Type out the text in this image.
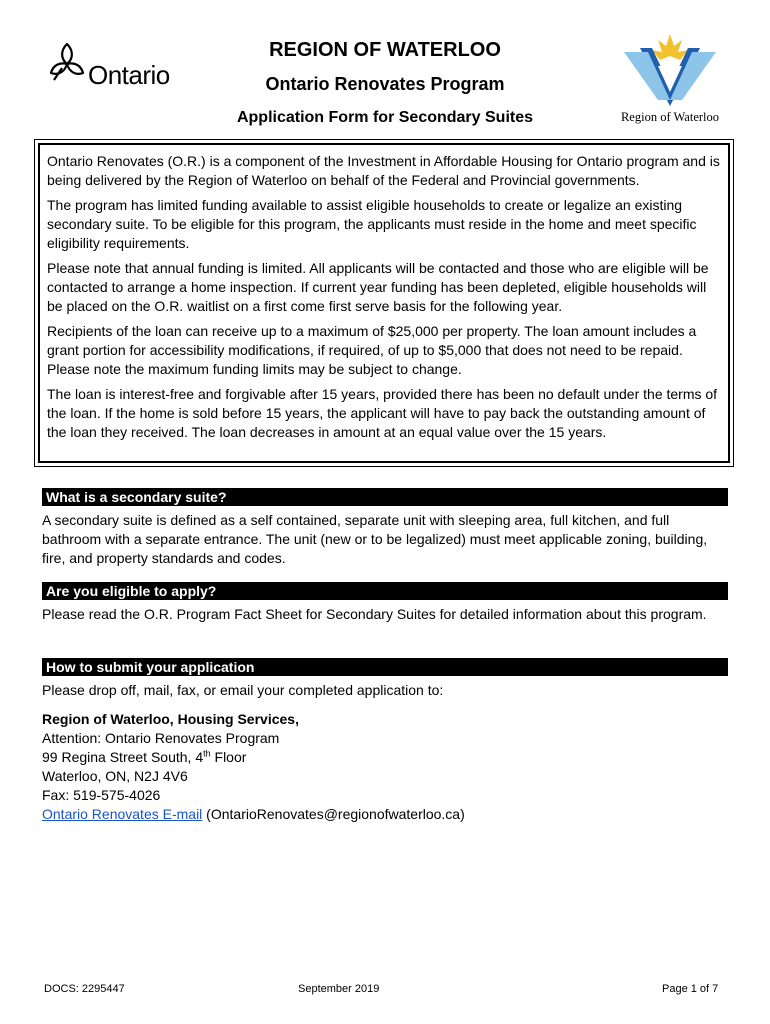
Ontario
REGION OF WATERLOO
Ontario Renovates Program
Application Form for Secondary Suites	Region of Waterloo

Ontario Renovates (O.R.) is a component of the Investment in Affordable Housing for Ontario program and is being delivered by the Region of Waterloo on behalf of the Federal and Provincial governments.

The program has limited funding available to assist eligible households to create or legalize an existing secondary suite. To be eligible for this program, the applicants must reside in the home and meet specific eligibility requirements.

Please note that annual funding is limited. All applicants will be contacted and those who are eligible will be contacted to arrange a home inspection. If current year funding has been depleted, eligible households will be placed on the O.R. waitlist on a first come first serve basis for the following year.

Recipients of the loan can receive up to a maximum of $25,000 per property. The loan amount includes a grant portion for accessibility modifications, if required, of up to $5,000 that does not need to be repaid. Please note the maximum funding limits may be subject to change.

The loan is interest-free and forgivable after 15 years, provided there has been no default under the terms of the loan. If the home is sold before 15 years, the applicant will have to pay back the outstanding amount of the loan they received. The loan decreases in amount at an equal value over the 15 years.

What is a secondary suite?
A secondary suite is defined as a self contained, separate unit with sleeping area, full kitchen, and full bathroom with a separate entrance. The unit (new or to be legalized) must meet applicable zoning, building, fire, and property standards and codes.
Are you eligible to apply?
Please read the O.R. Program Fact Sheet for Secondary Suites for detailed information about this program.
How to submit your application
Please drop off, mail, fax, or email your completed application to:
Region of Waterloo, Housing Services,
Attention: Ontario Renovates Program
99 Regina Street South, 4th Floor
Waterloo, ON, N2J 4V6
Fax: 519-575-4026
Ontario Renovates E-mail (OntarioRenovates@regionofwaterloo.ca)
DOCS: 2295447	September 2019	Page 1 of 7
